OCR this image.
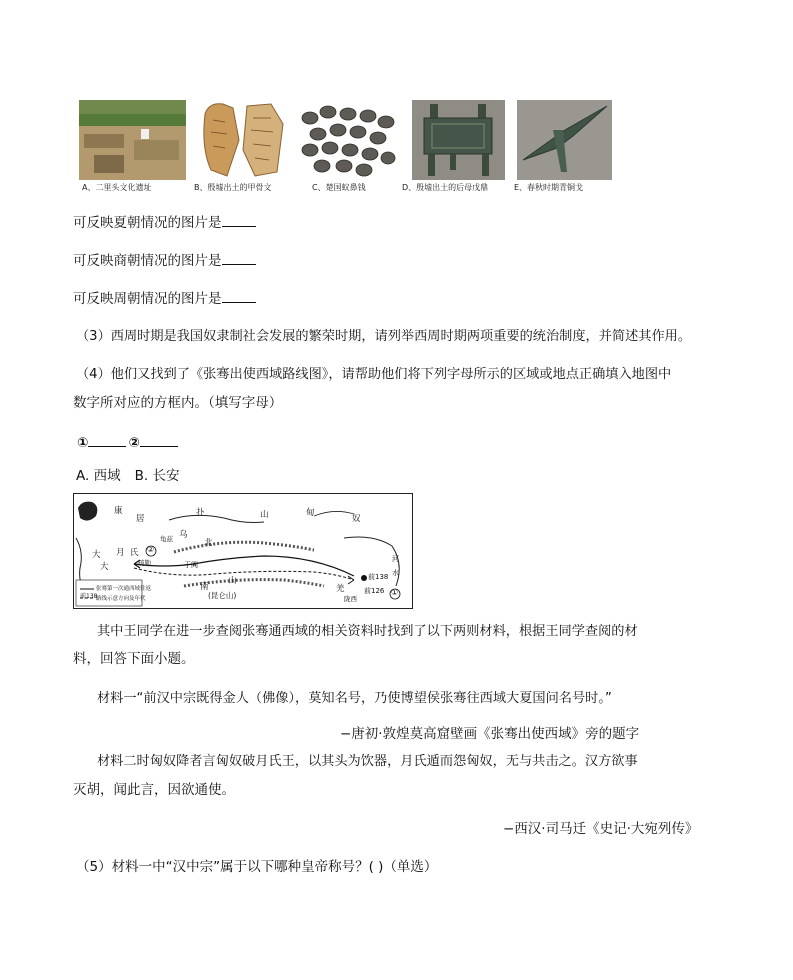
A、二里头文化遗址	B、殷墟出土的甲骨文	C、楚国蚁鼻钱	D、殷墟出土的后母戊鼎	E、春秋时期青铜戈
可反映夏朝情况的图片是
可反映商朝情况的图片是
可反映周朝情况的图片是
（3）西周时期是我国奴隶制社会发展的繁荣时期，请列举西周时期两项重要的统治制度，并简述其作用。
（4）他们又找到了《张骞出使西域路线图》，请帮助他们将下列字母所示的区域或地点正确填入地图中
数字所对应的方框内。（填写字母）
①	②
A. 西域 B. 长安
康
居
扑	山	甸
奴
乌
北
大 月 氏
大
龟兹
疏勒	于阗
南
山
(昆仑山)
羌
河
水
前138
前126
陇西
①
②
前138
张骞第一次通西域往返
路线示意方向及年代
其中王同学在进一步查阅张骞通西域的相关资料时找到了以下两则材料，根据王同学查阅的材
料，回答下面小题。
材料一“前汉中宗既得金人（佛像），莫知名号，乃使博望侯张骞往西域大夏国问名号时。”
−唐初·敦煌莫高窟壁画《张骞出使西域》旁的题字
材料二时匈奴降者言匈奴破月氏王，以其头为饮器，月氏遁而怨匈奴，无与共击之。汉方欲事
灭胡，闻此言，因欲通使。
−西汉·司马迁《史记·大宛列传》
（5）材料一中“汉中宗”属于以下哪种皇帝称号？( )（单选）
